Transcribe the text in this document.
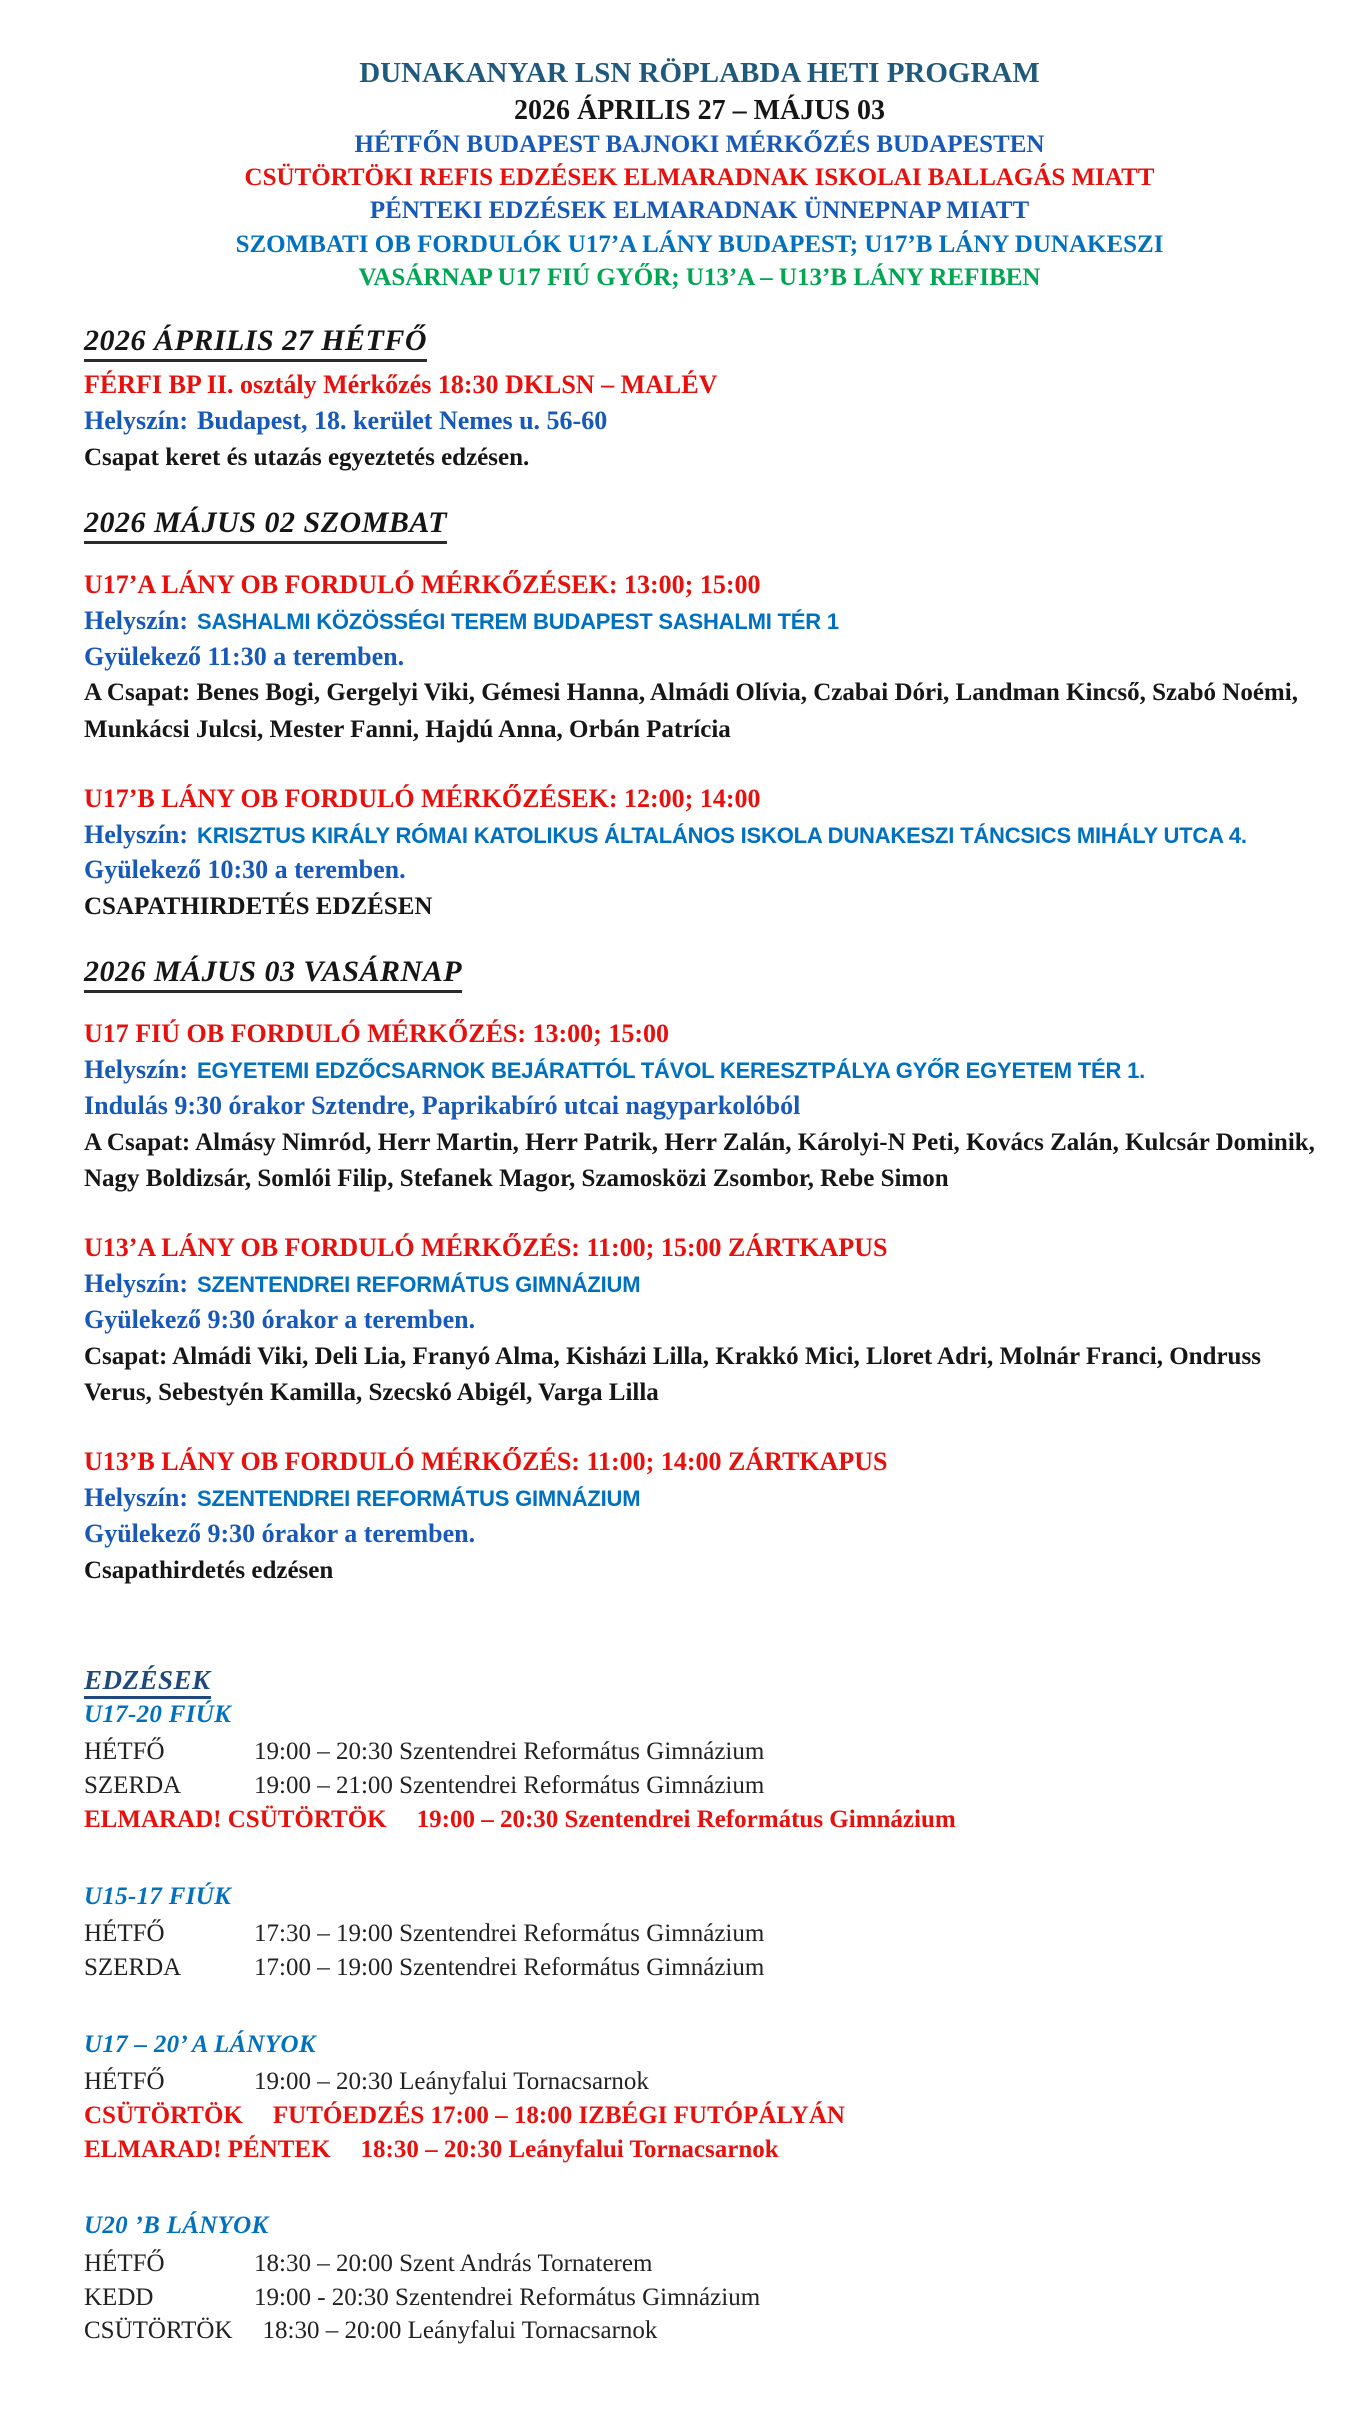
DUNAKANYAR LSN RÖPLABDA HETI PROGRAM
2026 ÁPRILIS 27 – MÁJUS 03
HÉTFŐN BUDAPEST BAJNOKI MÉRKŐZÉS BUDAPESTEN
CSÜTÖRTÖKI REFIS EDZÉSEK ELMARADNAK ISKOLAI BALLAGÁS MIATT
PÉNTEKI EDZÉSEK ELMARADNAK ÜNNEPNAP MIATT
SZOMBATI OB FORDULÓK U17’A LÁNY BUDAPEST; U17’B LÁNY DUNAKESZI
VASÁRNAP U17 FIÚ GYŐR; U13’A – U13’B LÁNY REFIBEN
2026 ÁPRILIS 27 HÉTFŐ
FÉRFI BP II. osztály Mérkőzés 18:30 DKLSN – MALÉV
Helyszín: Budapest, 18. kerület Nemes u. 56-60
Csapat keret és utazás egyeztetés edzésen.
2026 MÁJUS 02 SZOMBAT
U17’A LÁNY OB FORDULÓ MÉRKŐZÉSEK: 13:00; 15:00
Helyszín: SASHALMI KÖZÖSSÉGI TEREM BUDAPEST SASHALMI TÉR 1
Gyülekező 11:30 a teremben.
A Csapat: Benes Bogi, Gergelyi Viki, Gémesi Hanna, Almádi Olívia, Czabai Dóri, Landman Kincső, Szabó Noémi, Munkácsi Julcsi, Mester Fanni, Hajdú Anna, Orbán Patrícia
U17’B LÁNY OB FORDULÓ MÉRKŐZÉSEK: 12:00; 14:00
Helyszín: KRISZTUS KIRÁLY RÓMAI KATOLIKUS ÁLTALÁNOS ISKOLA DUNAKESZI TÁNCSICS MIHÁLY UTCA 4.
Gyülekező 10:30 a teremben.
CSAPATHIRDETÉS EDZÉSEN
2026 MÁJUS 03 VASÁRNAP
U17 FIÚ OB FORDULÓ MÉRKŐZÉS: 13:00; 15:00
Helyszín: EGYETEMI EDZŐCSARNOK BEJÁRATTÓL TÁVOL KERESZTPÁLYA GYŐR EGYETEM TÉR 1.
Indulás 9:30 órakor Sztendre, Paprikabíró utcai nagyparkolóból
A Csapat: Almásy Nimród, Herr Martin, Herr Patrik, Herr Zalán, Károlyi-N Peti, Kovács Zalán, Kulcsár Dominik, Nagy Boldizsár, Somlói Filip, Stefanek Magor, Szamosközi Zsombor, Rebe Simon
U13’A LÁNY OB FORDULÓ MÉRKŐZÉS: 11:00; 15:00 ZÁRTKAPUS
Helyszín: SZENTENDREI REFORMÁTUS GIMNÁZIUM
Gyülekező 9:30 órakor a teremben.
Csapat: Almádi Viki, Deli Lia, Franyó Alma, Kisházi Lilla, Krakkó Mici, Lloret Adri, Molnár Franci, Ondruss Verus, Sebestyén Kamilla, Szecskó Abigél, Varga Lilla
U13’B LÁNY OB FORDULÓ MÉRKŐZÉS: 11:00; 14:00 ZÁRTKAPUS
Helyszín: SZENTENDREI REFORMÁTUS GIMNÁZIUM
Gyülekező 9:30 órakor a teremben.
Csapathirdetés edzésen
EDZÉSEK
U17-20 FIÚK
HÉTFŐ	19:00 – 20:30 Szentendrei Református Gimnázium
SZERDA	19:00 – 21:00 Szentendrei Református Gimnázium
ELMARAD! CSÜTÖRTÖK	19:00 – 20:30 Szentendrei Református Gimnázium
U15-17 FIÚK
HÉTFŐ	17:30 – 19:00 Szentendrei Református Gimnázium
SZERDA	17:00 – 19:00 Szentendrei Református Gimnázium
U17 – 20’ A LÁNYOK
HÉTFŐ	19:00 – 20:30 Leányfalui Tornacsarnok
CSÜTÖRTÖK	FUTÓEDZÉS 17:00 – 18:00 IZBÉGI FUTÓPÁLYÁN
ELMARAD! PÉNTEK	18:30 – 20:30 Leányfalui Tornacsarnok
U20 ’B LÁNYOK
HÉTFŐ	18:30 – 20:00 Szent András Tornaterem
KEDD	19:00 - 20:30 Szentendrei Református Gimnázium
CSÜTÖRTÖK	18:30 – 20:00 Leányfalui Tornacsarnok
